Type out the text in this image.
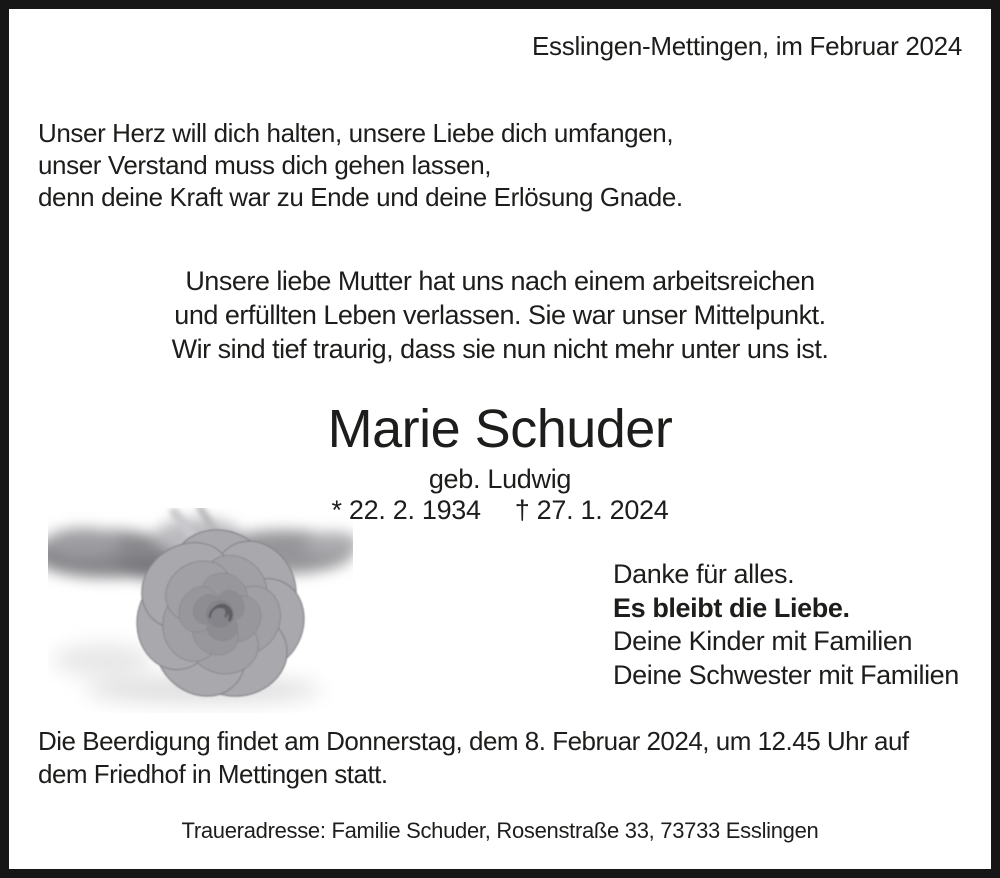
Esslingen-Mettingen, im Februar 2024
Unser Herz will dich halten, unsere Liebe dich umfangen,
unser Verstand muss dich gehen lassen,
denn deine Kraft war zu Ende und deine Erlösung Gnade.
Unsere liebe Mutter hat uns nach einem arbeitsreichen
und erfüllten Leben verlassen. Sie war unser Mittelpunkt.
Wir sind tief traurig, dass sie nun nicht mehr unter uns ist.
Marie Schuder
geb. Ludwig
* 22. 2. 1934 † 27. 1. 2024
Danke für alles.
Es bleibt die Liebe.
Deine Kinder mit Familien
Deine Schwester mit Familien
Die Beerdigung findet am Donnerstag, dem 8. Februar 2024, um 12.45 Uhr auf
dem Friedhof in Mettingen statt.
Traueradresse: Familie Schuder, Rosenstraße 33, 73733 Esslingen
